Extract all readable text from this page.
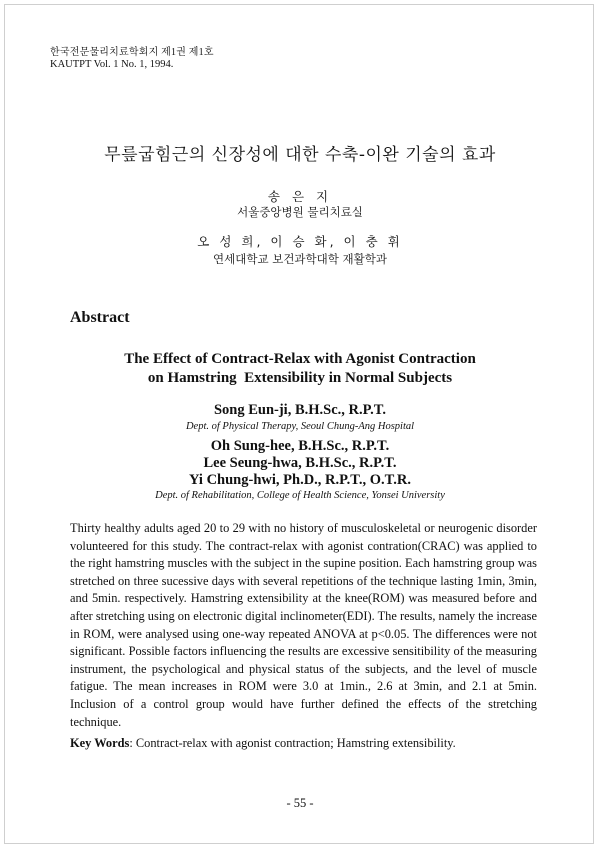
한국전문물리치료학회지 제1권 제1호
KAUTPT Vol. 1 No. 1, 1994.
무릎굽힘근의 신장성에 대한 수축-이완 기술의 효과
송 은 지
서울중앙병원 물리치료실
오 성 희, 이 승 화, 이 충 휘
연세대학교 보건과학대학 재활학과
Abstract
The Effect of Contract-Relax with Agonist Contraction
on Hamstring  Extensibility in Normal Subjects
Song Eun-ji, B.H.Sc., R.P.T.
Dept. of Physical Therapy, Seoul Chung-Ang Hospital
Oh Sung-hee, B.H.Sc., R.P.T.
Lee Seung-hwa, B.H.Sc., R.P.T.
Yi Chung-hwi, Ph.D., R.P.T., O.T.R.
Dept. of Rehabilitation, College of Health Science, Yonsei University
Thirty healthy adults aged 20 to 29 with no history of musculoskeletal or neurogenic disorder volunteered for this study. The contract-relax with agonist contration(CRAC) was applied to the right hamstring muscles with the subject in the supine position. Each hamstring group was stretched on three sucessive days with several repetitions of the technique lasting 1min, 3min, and 5min. respectively. Hamstring extensibility at the knee(ROM) was measured before and after stretching using on electronic digital inclinometer(EDI). The results, namely the increase in ROM, were analysed using one-way repeated ANOVA at p<0.05. The differences were not significant. Possible factors influencing the results are excessive sensitibility of the measuring instrument, the psychological and physical status of the subjects, and the level of muscle fatigue. The mean increases in ROM were 3.0 at 1min., 2.6 at 3min, and 2.1 at 5min. Inclusion of a control group would have further defined the effects of the stretching technique.
Key Words: Contract-relax with agonist contraction; Hamstring extensibility.
- 55 -
